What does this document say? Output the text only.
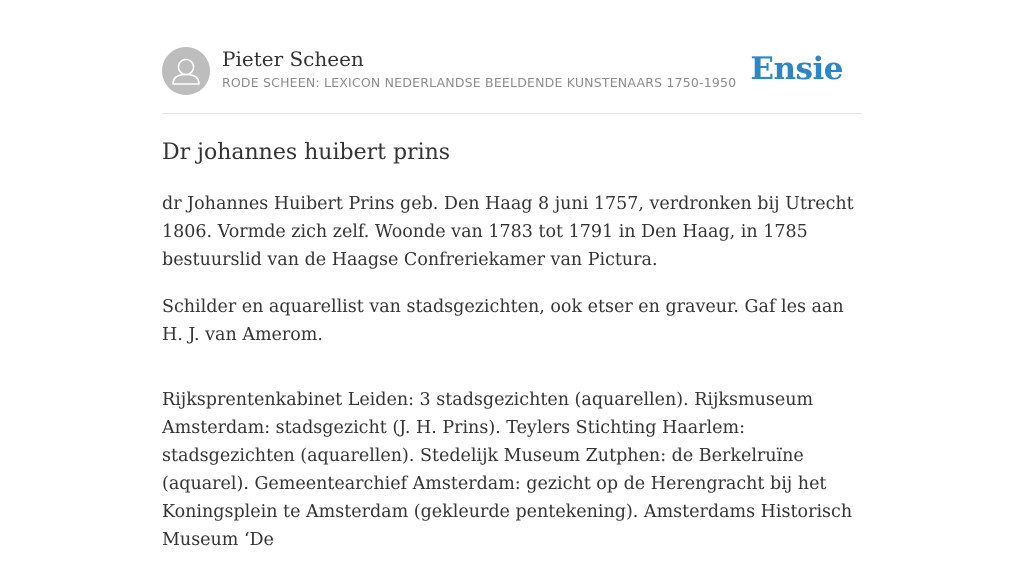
Pieter Scheen
RODE SCHEEN: LEXICON NEDERLANDSE BEELDENDE KUNSTENAARS 1750-1950 Ensie
Dr johannes huibert prins

dr Johannes Huibert Prins geb. Den Haag 8 juni 1757, verdronken bij Utrecht 1806. Vormde zich zelf. Woonde van 1783 tot 1791 in Den Haag, in 1785 bestuurslid van de Haagse Confreriekamer van Pictura.

Schilder en aquarellist van stadsgezichten, ook etser en graveur. Gaf les aan H. J. van Amerom.

Rijksprentenkabinet Leiden: 3 stadsgezichten (aquarellen). Rijksmuseum Amsterdam: stadsgezicht (J. H. Prins). Teylers Stichting Haarlem: stadsgezichten (aquarellen). Stedelijk Museum Zutphen: de Berkelruïne (aquarel). Gemeentearchief Amsterdam: gezicht op de Herengracht bij het Koningsplein te Amsterdam (gekleurde pentekening). Amsterdams Historisch Museum ‘De
